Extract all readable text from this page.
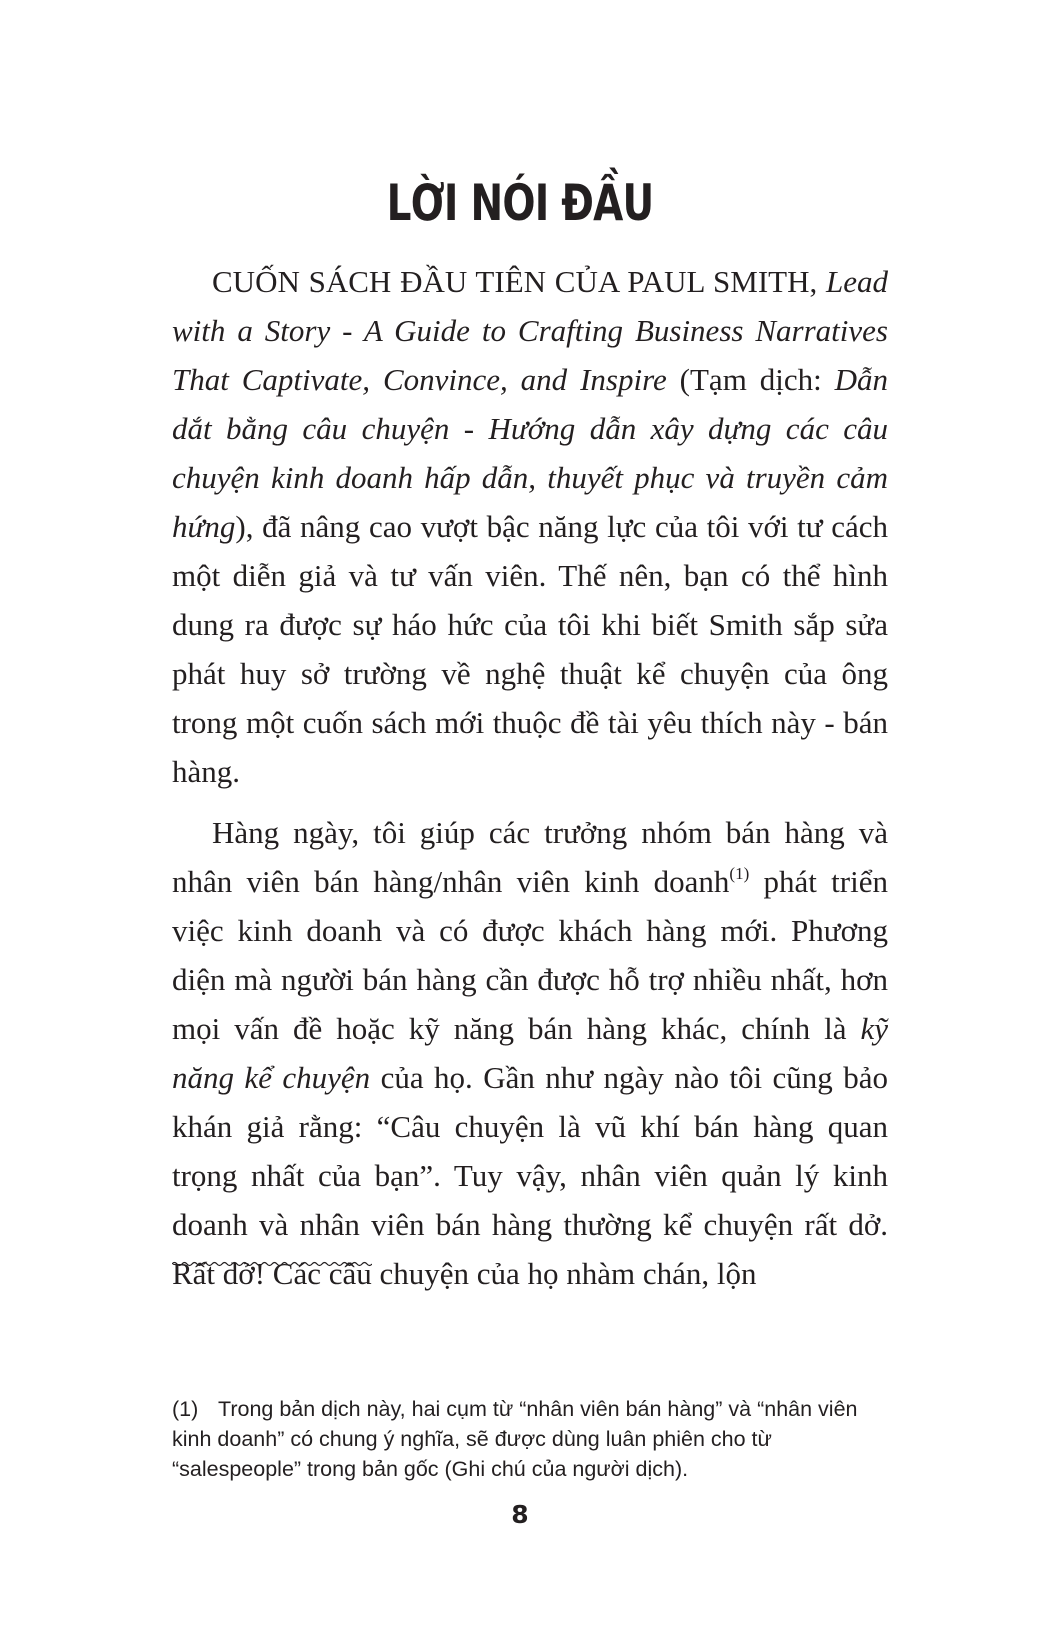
LỜI NÓI ĐẦU

CUỐN SÁCH ĐẦU TIÊN CỦA PAUL SMITH, Lead with a Story - A Guide to Crafting Business Narratives That Captivate, Convince, and Inspire (Tạm dịch: Dẫn dắt bằng câu chuyện - Hướng dẫn xây dựng các câu chuyện kinh doanh hấp dẫn, thuyết phục và truyền cảm hứng), đã nâng cao vượt bậc năng lực của tôi với tư cách một diễn giả và tư vấn viên. Thế nên, bạn có thể hình dung ra được sự háo hức của tôi khi biết Smith sắp sửa phát huy sở trường về nghệ thuật kể chuyện của ông trong một cuốn sách mới thuộc đề tài yêu thích này - bán hàng.

Hàng ngày, tôi giúp các trưởng nhóm bán hàng và nhân viên bán hàng/nhân viên kinh doanh$^{(1)}$ phát triển việc kinh doanh và có được khách hàng mới. Phương diện mà người bán hàng cần được hỗ trợ nhiều nhất, hơn mọi vấn đề hoặc kỹ năng bán hàng khác, chính là kỹ năng kể chuyện của họ. Gần như ngày nào tôi cũng bảo khán giả rằng: “Câu chuyện là vũ khí bán hàng quan trọng nhất của bạn”. Tuy vậy, nhân viên quản lý kinh doanh và nhân viên bán hàng thường kể chuyện rất dở. Rất dở! Các câu chuyện của họ nhàm chán, lộn

(1) Trong bản dịch này, hai cụm từ “nhân viên bán hàng” và “nhân viên kinh doanh” có chung ý nghĩa, sẽ được dùng luân phiên cho từ “salespeople” trong bản gốc (Ghi chú của người dịch).
8
